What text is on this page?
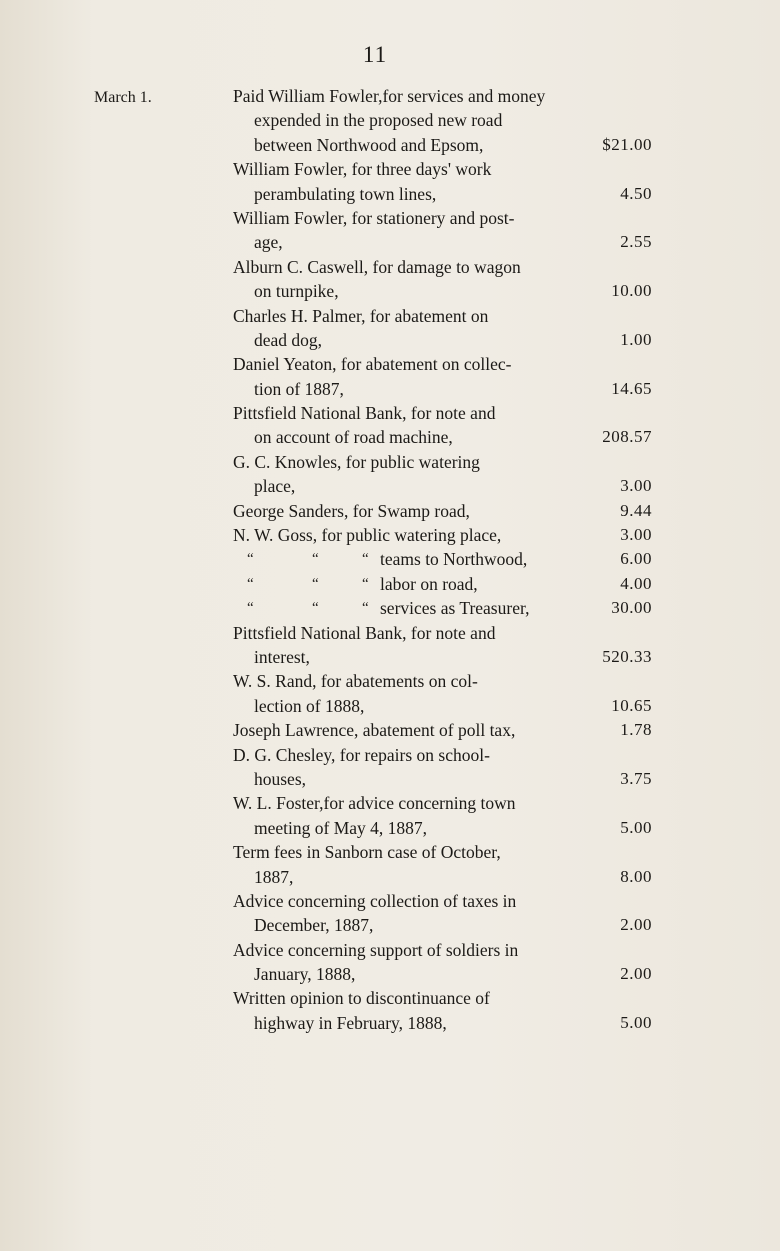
11
March 1.	Paid William Fowler,for services and money
expended in the proposed new road
between Northwood and Epsom,	$21.00
William Fowler, for three days' work
perambulating town lines,	4.50
William Fowler, for stationery and post-
age,	2.55
Alburn C. Caswell, for damage to wagon
on turnpike,	10.00
Charles H. Palmer, for abatement on
dead dog,	1.00
Daniel Yeaton, for abatement on collec-
tion of 1887,	14.65
Pittsfield National Bank, for note and
on account of road machine,	208.57
G. C. Knowles, for public watering
place,	3.00
George Sanders, for Swamp road,	9.44
N. W. Goss, for public watering place,	3.00
“	“	“ teams to Northwood,	6.00
“	“	“ labor on road,	4.00
“	“	“ services as Treasurer,	30.00
Pittsfield National Bank, for note and
interest,	520.33
W. S. Rand, for abatements on col-
lection of 1888,	10.65
Joseph Lawrence, abatement of poll tax,	1.78
D. G. Chesley, for repairs on school-
houses,	3.75
W. L. Foster,for advice concerning town
meeting of May 4, 1887,	5.00
Term fees in Sanborn case of October,
1887,	8.00
Advice concerning collection of taxes in
December, 1887,	2.00
Advice concerning support of soldiers in
January, 1888,	2.00
Written opinion to discontinuance of
highway in February, 1888,	5.00
